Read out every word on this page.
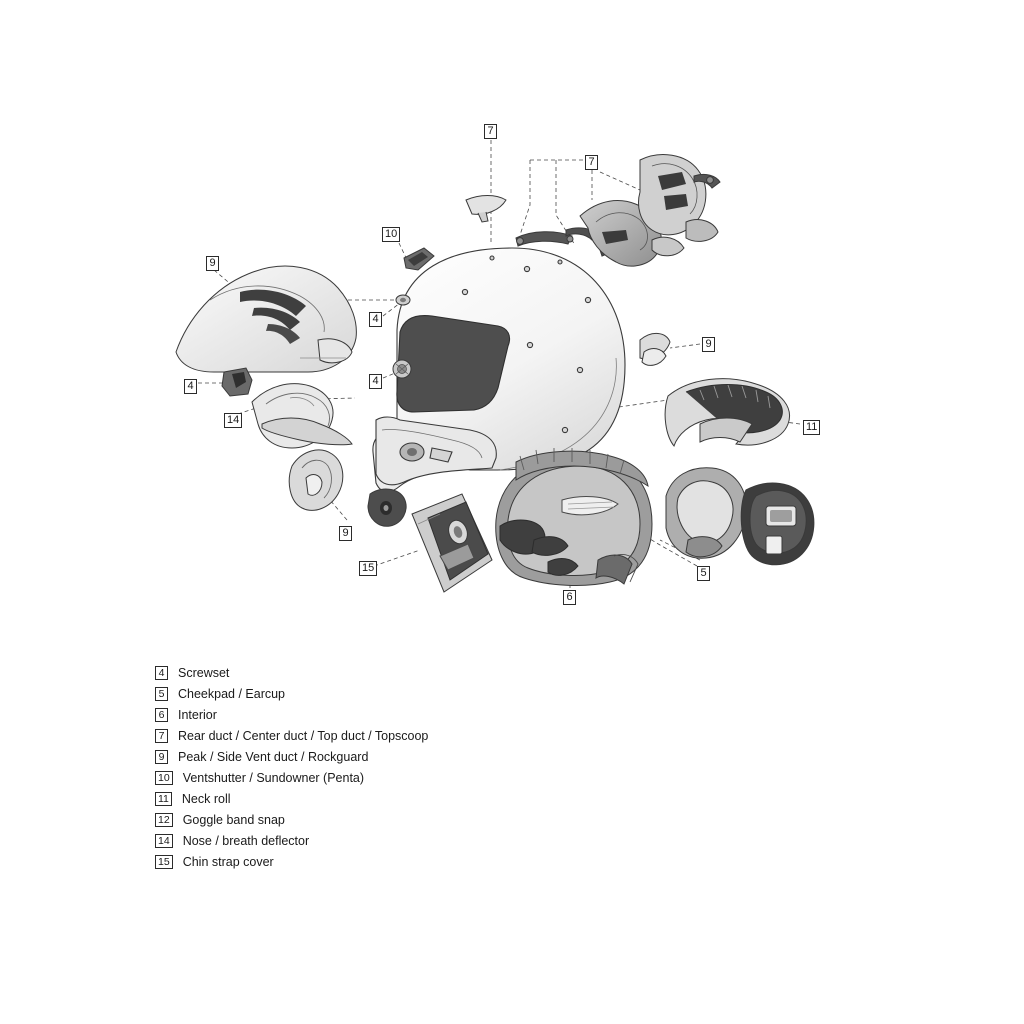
7
7
10
9
4
9
4
4
11
14
9
5
15
6
4 Screwset
5 Cheekpad / Earcup
6 Interior
7 Rear duct / Center duct / Top duct / Topscoop
9 Peak / Side Vent duct / Rockguard
10 Ventshutter / Sundowner (Penta)
11 Neck roll
12 Goggle band snap
14 Nose / breath deflector
15 Chin strap cover
